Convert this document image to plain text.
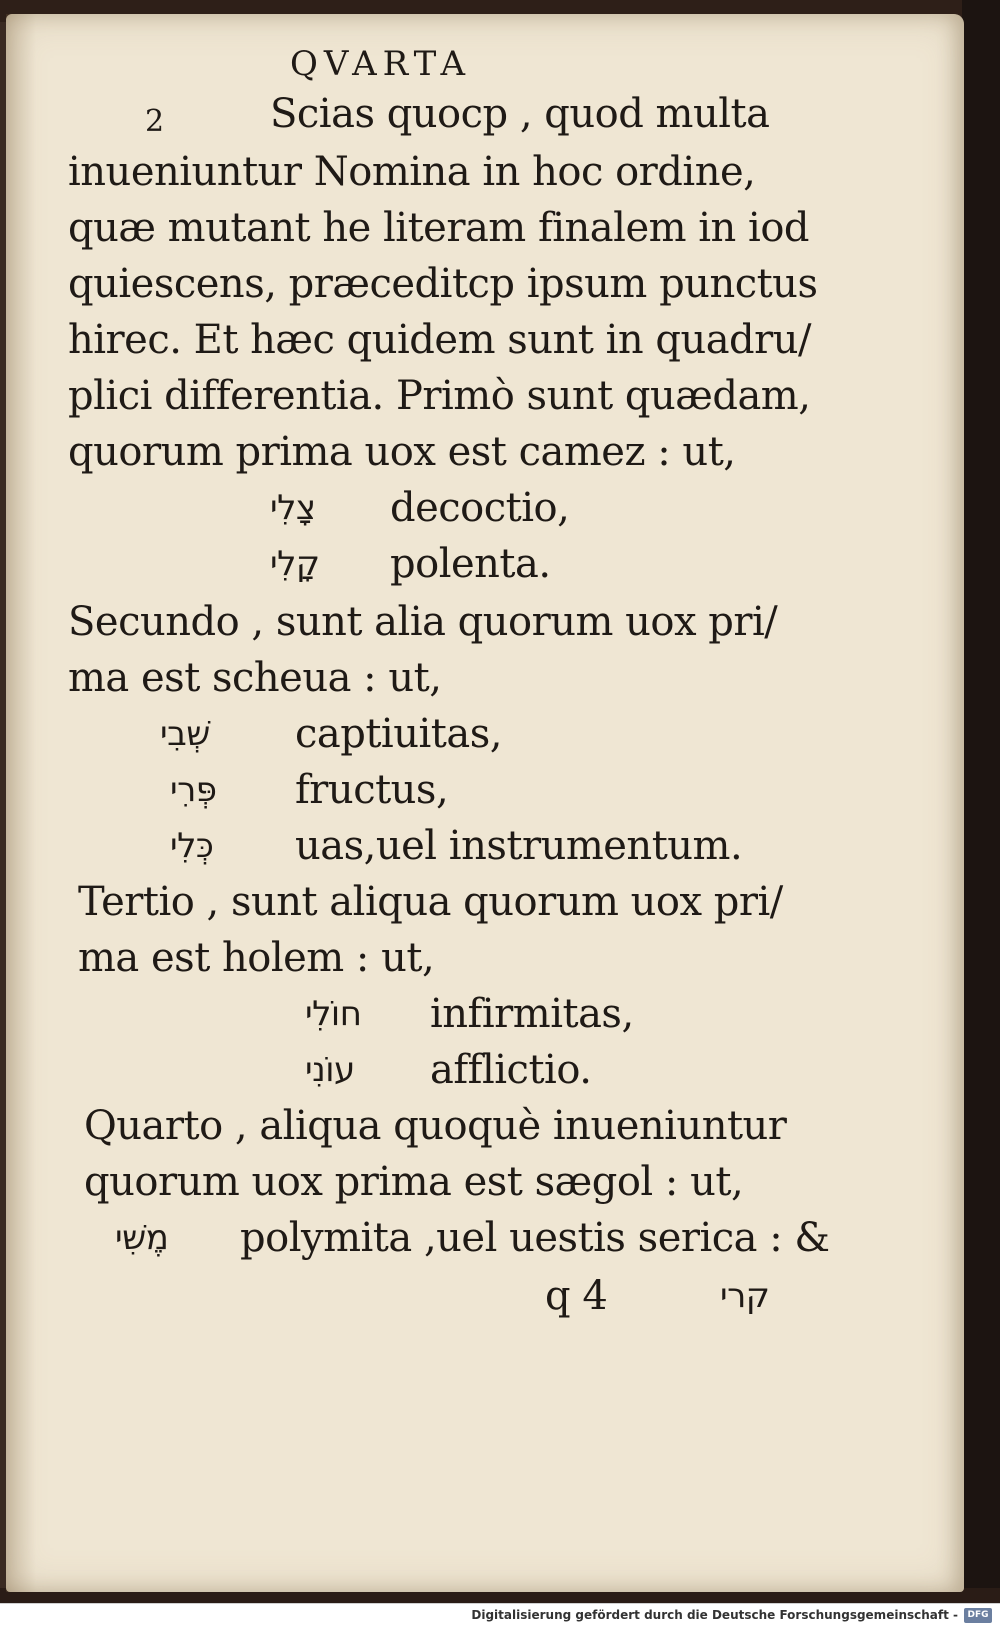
QVARTA
2	Scias quocp , quod multa
inueniuntur Nomina in hoc ordine,
quæ mutant he literam finalem in iod
quiescens, præceditcp ipsum punctus
hirec. Et hæc quidem sunt in quadru/
plici differentia. Primò sunt quædam,
quorum prima uox est camez : ut,
צָלִי decoctio,
קָלִי polenta.
Secundo , sunt alia quorum uox pri/
ma est scheua : ut,
שְׁבִי captiuitas,
פְּרִי fructus,
כְּלִי uas,uel instrumentum.
Tertio , sunt aliqua quorum uox pri/
ma est holem : ut,
חוֹלִי infirmitas,
עוֹנִי afflictio.
Quarto , aliqua quoquè inueniuntur
quorum uox prima est sægol : ut,
מֶשִׁי polymita ,uel uestis serica : &
q 4	קרי
Digitalisierung gefördert durch die Deutsche Forschungsgemeinschaft -	DFG
